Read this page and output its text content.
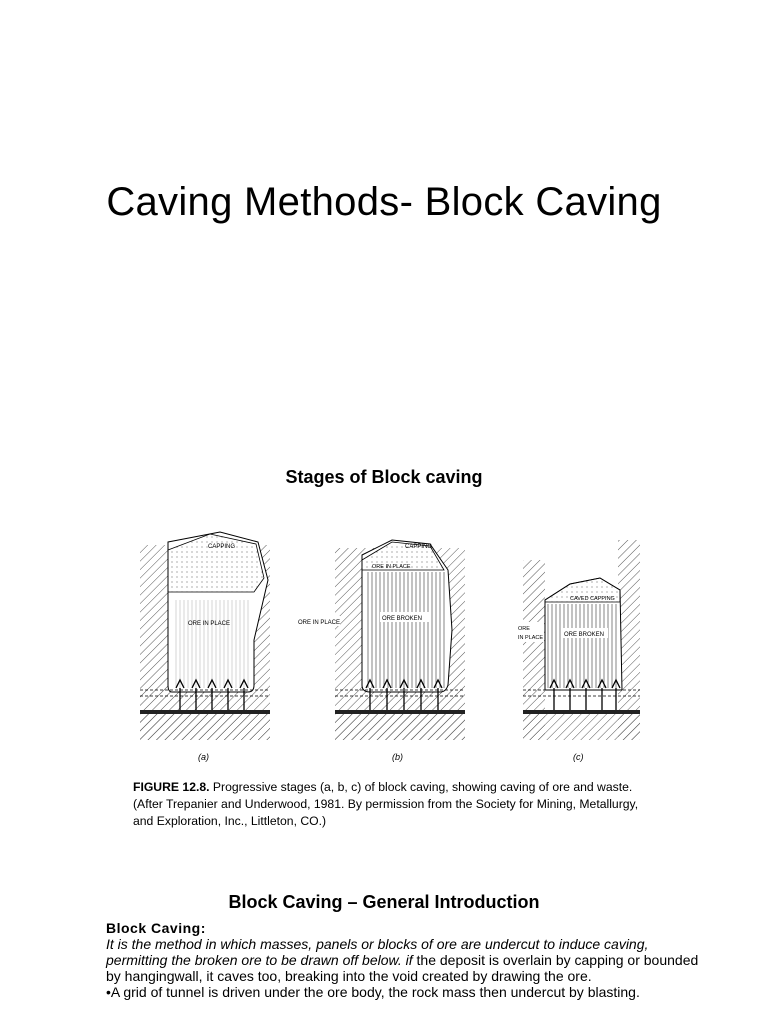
Caving Methods- Block Caving
Stages of Block caving
CAPPING
ORE IN PLACE
(a)
CAPPING
ORE IN PLACE
ORE BROKEN
ORE IN PLACE
(b)
CAVED CAPPING
ORE BROKEN
ORE
IN PLACE
(c)
FIGURE 12.8. Progressive stages (a, b, c) of block caving, showing caving of ore and waste.
(After Trepanier and Underwood, 1981. By permission from the Society for Mining, Metallurgy,
and Exploration, Inc., Littleton, CO.)
Block Caving – General Introduction
Block Caving:
It is the method in which masses, panels or blocks of ore are undercut to induce caving, permitting the broken ore to be drawn off below. if the deposit is overlain by capping or bounded by hangingwall, it caves too, breaking into the void created by drawing the ore.
•A grid of tunnel is driven under the ore body, the rock mass then undercut by blasting.
